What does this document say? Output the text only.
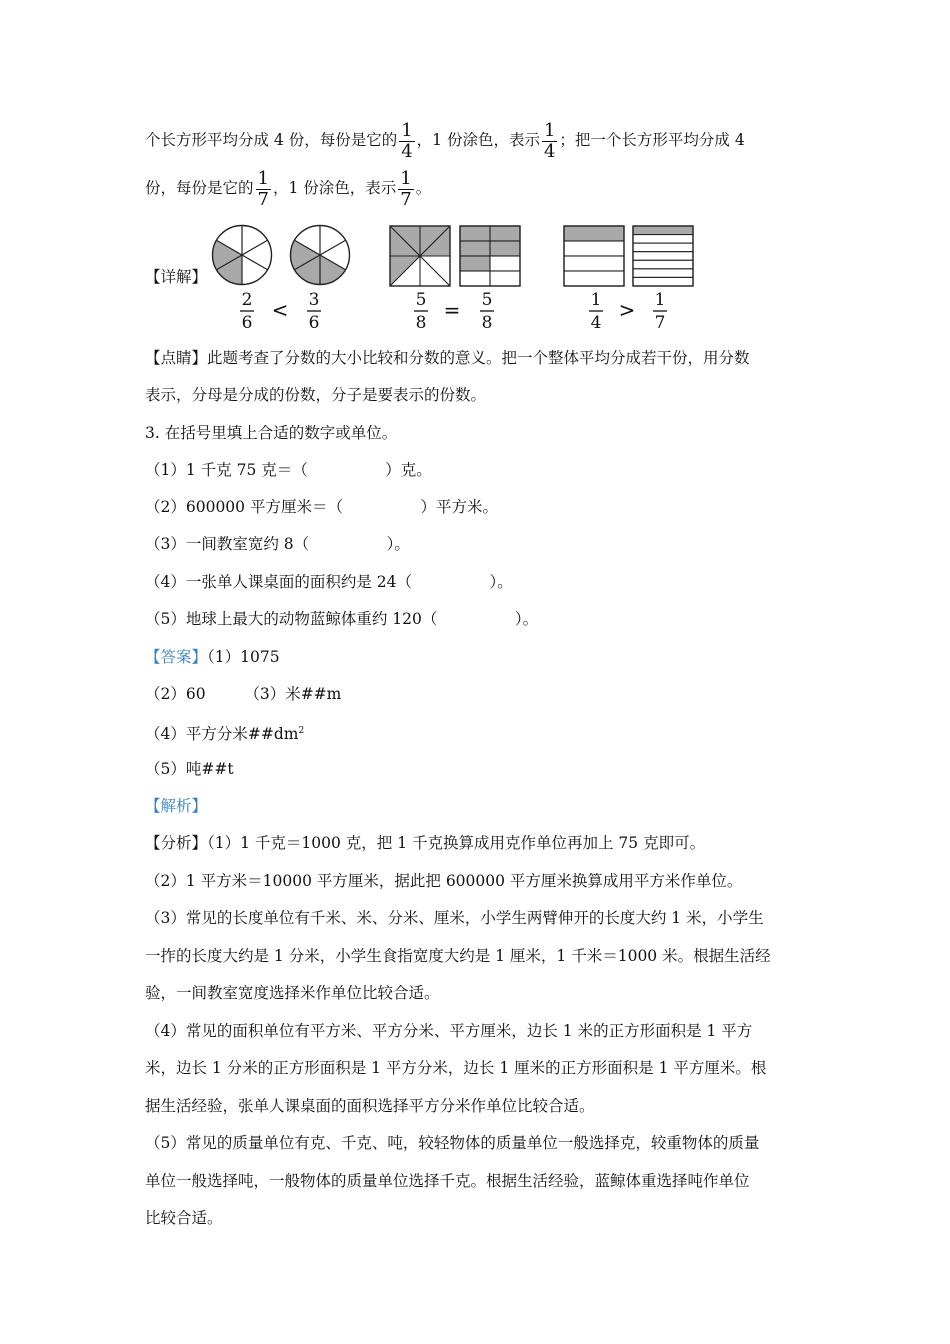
个长方形平均分成 4 份，每份是它的 $\frac{1}{4}$ ，1 份涂色，表示 $\frac{1}{4}$ ；把一个长方形平均分成 4
份，每份是它的 $\frac{1}{7}$ ，1 份涂色，表示 $\frac{1}{7}$ 。
【详解】
2
6
< 3
6
5
8
= 5
8
1
4
> 1
7
【点睛】此题考查了分数的大小比较和分数的意义。把一个整体平均分成若干份，用分数
表示，分母是分成的份数，分子是要表示的份数。
3. 在括号里填上合适的数字或单位。
（1）1 千克 75 克＝（　　　　　）克。
（2）600000 平方厘米＝（　　　　　）平方米。
（3）一间教室宽约 8（　　　　　）。
（4）一张单人课桌面的面积约是 24（　　　　　）。
（5）地球上最大的动物蓝鲸体重约 120（　　　　　）。
【答案】（1）1075
（2）60　　　（3）米##m
（4）平方分米$\#\#dm^2$
（5）吨##t
【解析】
【分析】（1）1 千克＝1000 克，把 1 千克换算成用克作单位再加上 75 克即可。
（2）1 平方米＝10000 平方厘米，据此把 600000 平方厘米换算成用平方米作单位。
（3）常见的长度单位有千米、米、分米、厘米，小学生两臂伸开的长度大约 1 米，小学生
一拃的长度大约是 1 分米，小学生食指宽度大约是 1 厘米，1 千米＝1000 米。根据生活经
验，一间教室宽度选择米作单位比较合适。
（4）常见的面积单位有平方米、平方分米、平方厘米，边长 1 米的正方形面积是 1 平方
米，边长 1 分米的正方形面积是 1 平方分米，边长 1 厘米的正方形面积是 1 平方厘米。根
据生活经验，张单人课桌面的面积选择平方分米作单位比较合适。
（5）常见的质量单位有克、千克、吨，较轻物体的质量单位一般选择克，较重物体的质量
单位一般选择吨，一般物体的质量单位选择千克。根据生活经验，蓝鲸体重选择吨作单位
比较合适。
